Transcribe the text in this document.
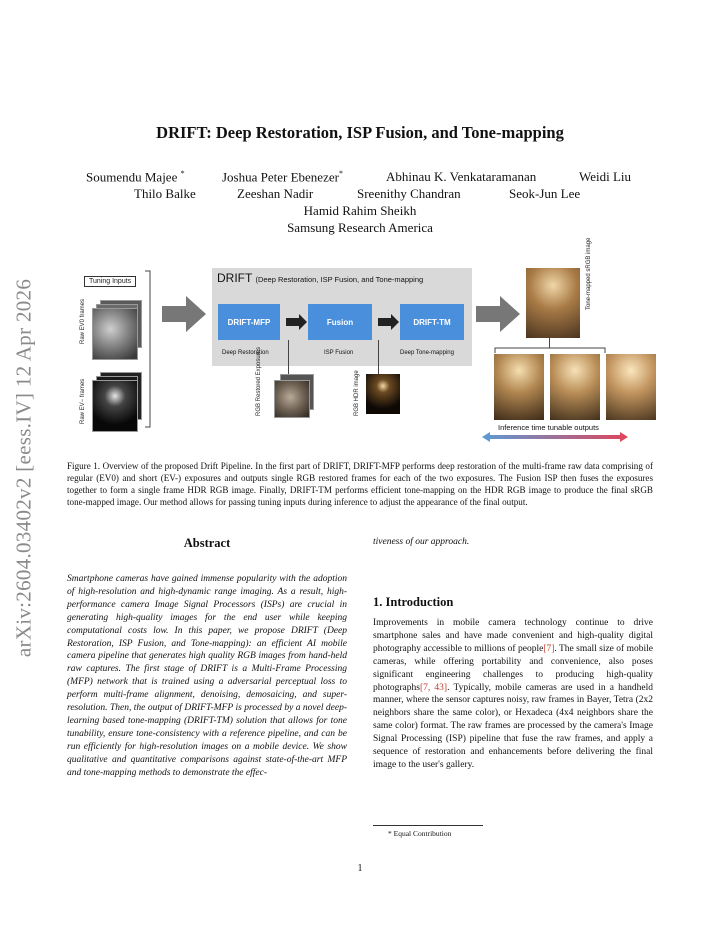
arXiv:2604.03402v2 [eess.IV] 12 Apr 2026
DRIFT: Deep Restoration, ISP Fusion, and Tone-mapping
Soumendu Majee *	Joshua Peter Ebenezer*	Abhinau K. Venkataramanan	Weidi Liu
Thilo Balke	Zeeshan Nadir	Sreenithy Chandran	Seok-Jun Lee
Hamid Rahim Sheikh
Samsung Research America
Tuning Inputs
Raw EV0 frames
Raw EV− frames
DRIFT (Deep Restoration, ISP Fusion, and Tone-mapping
DRIFT-MFP	Fusion	DRIFT-TM
Deep Restoration	ISP Fusion	Deep Tone-mapping
RGB Restored Exposures	RGB HDR image
Tone-mapped sRGB image
Inference time tunable outputs
Figure 1. Overview of the proposed Drift Pipeline. In the first part of DRIFT, DRIFT-MFP performs deep restoration of the multi-frame raw data comprising of regular (EV0) and short (EV-) exposures and outputs single RGB restored frames for each of the two exposures. The Fusion ISP then fuses the exposures together to form a single frame HDR RGB image. Finally, DRIFT-TM performs efficient tone-mapping on the HDR RGB image to produce the final sRGB tone-mapped image. Our method allows for passing tuning inputs during inference to adjust the appearance of the final output.
Abstract
Smartphone cameras have gained immense popularity with the adoption of high-resolution and high-dynamic range imaging. As a result, high-performance camera Image Signal Processors (ISPs) are crucial in generating high-quality images for the end user while keeping computational costs low. In this paper, we propose DRIFT (Deep Restoration, ISP Fusion, and Tone-mapping): an efficient AI mobile camera pipeline that generates high quality RGB images from hand-held raw captures. The first stage of DRIFT is a Multi-Frame Processing (MFP) network that is trained using a adversarial perceptual loss to perform multi-frame alignment, denoising, demosaicing, and super-resolution. Then, the output of DRIFT-MFP is processed by a novel deep-learning based tone-mapping (DRIFT-TM) solution that allows for tone tunability, ensure tone-consistency with a reference pipeline, and can be run efficiently for high-resolution images on a mobile device. We show qualitative and quantitative comparisons against state-of-the-art MFP and tone-mapping methods to demonstrate the effec-
tiveness of our approach.
1. Introduction
Improvements in mobile camera technology continue to drive smartphone sales and have made convenient and high-quality digital photography accessible to millions of people[7]. The small size of mobile cameras, while offering portability and convenience, also poses significant engineering challenges to producing high-quality photographs[7, 43]. Typically, mobile cameras are used in a handheld manner, where the sensor captures noisy, raw frames in Bayer, Tetra (2x2 neighbors share the same color), or Hexadeca (4x4 neighbors share the same color) format. The raw frames are processed by the camera's Image Signal Processing (ISP) pipeline that fuse the raw frames, and apply a sequence of restoration and enhancements before delivering the final image to the user's gallery.
* Equal Contribution
1
